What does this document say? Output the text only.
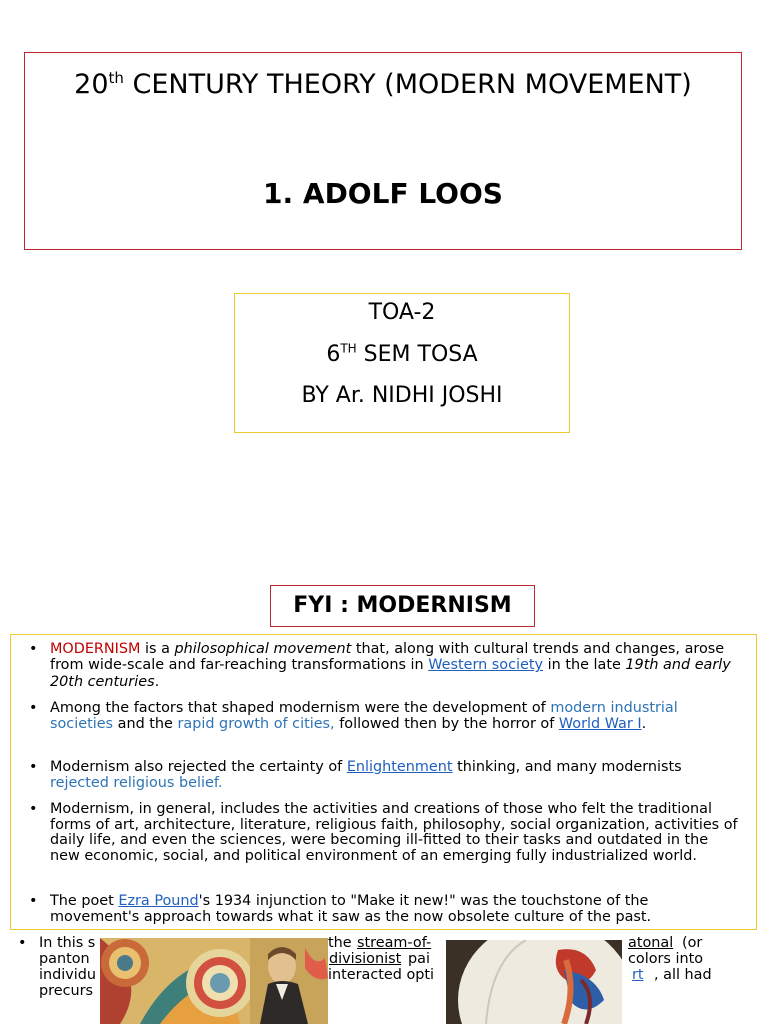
20th CENTURY THEORY (MODERN MOVEMENT)
1. ADOLF LOOS
TOA-2
6TH SEM TOSA
BY Ar. NIDHI JOSHI
FYI : MODERNISM
• MODERNISM is a philosophical movement that, along with cultural trends and changes, arose from wide-scale and far-reaching transformations in Western society in the late 19th and early 20th centuries.
• Among the factors that shaped modernism were the development of modern industrial societies and the rapid growth of cities, followed then by the horror of World War I.
• Modernism also rejected the certainty of Enlightenment thinking, and many modernists rejected religious belief.
• Modernism, in general, includes the activities and creations of those who felt the traditional forms of art, architecture, literature, religious faith, philosophy, social organization, activities of daily life, and even the sciences, were becoming ill-fitted to their tasks and outdated in the new economic, social, and political environment of an emerging fully industrialized world.
• The poet Ezra Pound's 1934 injunction to "Make it new!" was the touchstone of the movement's approach towards what it saw as the now obsolete culture of the past.
• In this s	the stream-of-	atonal (or
panton	divisionist pai	colors into
individu	interacted opti	rt , all had
precurs
